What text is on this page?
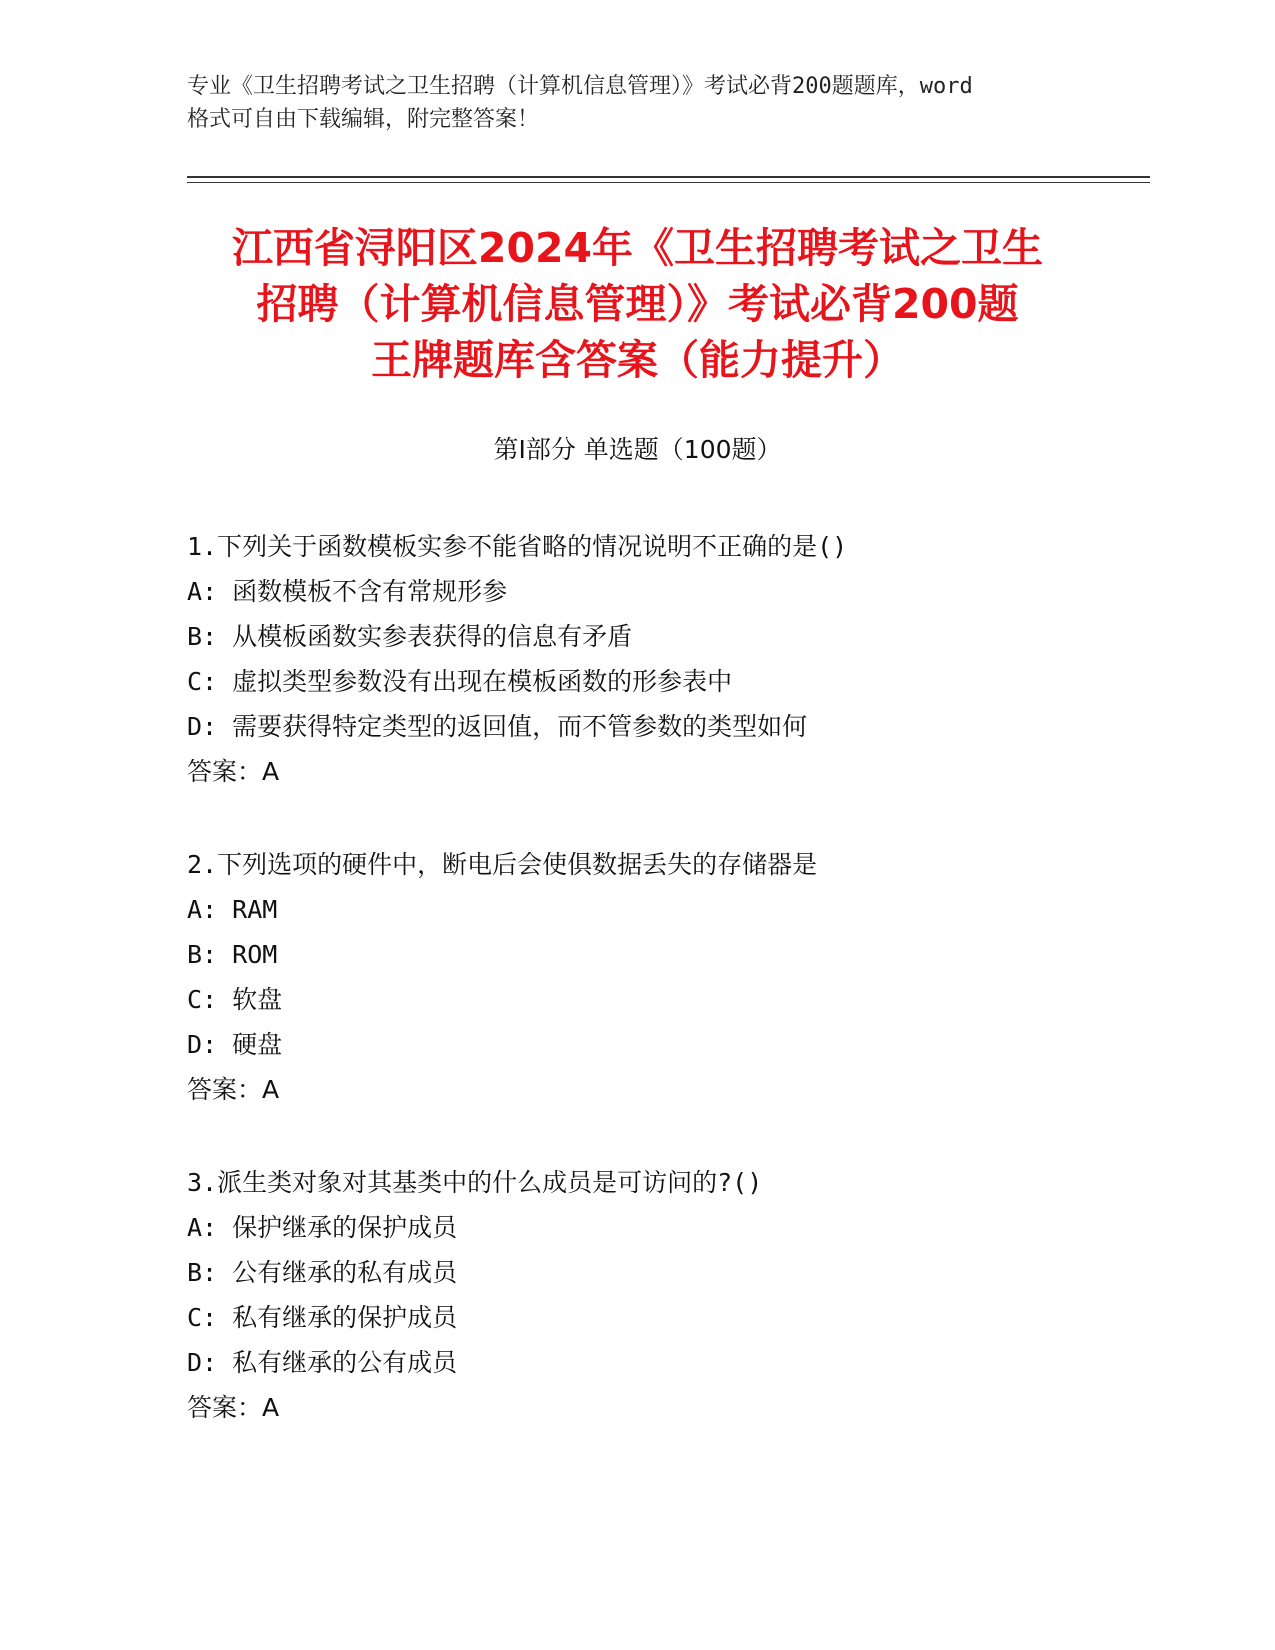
专业《卫生招聘考试之卫生招聘（计算机信息管理）》考试必背200题题库，word
格式可自由下载编辑，附完整答案！
江西省浔阳区2024年《卫生招聘考试之卫生
招聘（计算机信息管理）》考试必背200题
王牌题库含答案（能力提升）
第Ⅰ部分 单选题（100题）
1.下列关于函数模板实参不能省略的情况说明不正确的是()
A: 函数模板不含有常规形参
B: 从模板函数实参表获得的信息有矛盾
C: 虚拟类型参数没有出现在模板函数的形参表中
D: 需要获得特定类型的返回值，而不管参数的类型如何
答案：A
2.下列选项的硬件中，断电后会使俱数据丢失的存储器是
A: RAM
B: ROM
C: 软盘
D: 硬盘
答案：A
3.派生类对象对其基类中的什么成员是可访问的?()
A: 保护继承的保护成员
B: 公有继承的私有成员
C: 私有继承的保护成员
D: 私有继承的公有成员
答案：A
